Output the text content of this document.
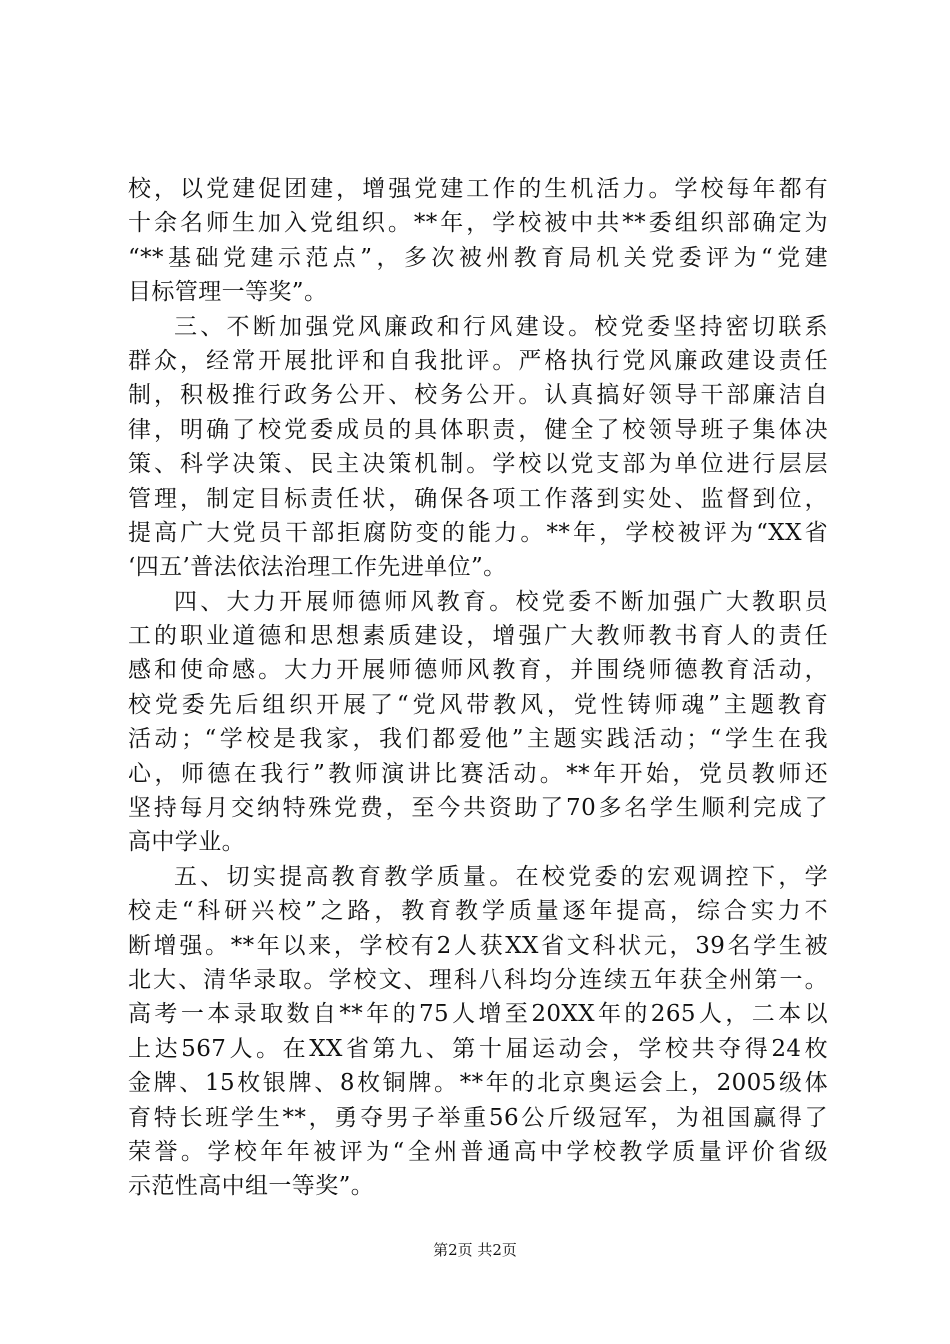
校，以党建促团建，增强党建工作的生机活力。学校每年都有
十余名师生加入党组织。**年，学校被中共**委组织部确定为
“**基础党建示范点”，多次被州教育局机关党委评为“党建
目标管理一等奖”。
三、不断加强党风廉政和行风建设。校党委坚持密切联系
群众，经常开展批评和自我批评。严格执行党风廉政建设责任
制，积极推行政务公开、校务公开。认真搞好领导干部廉洁自
律，明确了校党委成员的具体职责，健全了校领导班子集体决
策、科学决策、民主决策机制。学校以党支部为单位进行层层
管理，制定目标责任状，确保各项工作落到实处、监督到位，
提高广大党员干部拒腐防变的能力。**年，学校被评为“XX省
‘四五’普法依法治理工作先进单位”。
四、大力开展师德师风教育。校党委不断加强广大教职员
工的职业道德和思想素质建设，增强广大教师教书育人的责任
感和使命感。大力开展师德师风教育，并围绕师德教育活动，
校党委先后组织开展了“党风带教风，党性铸师魂”主题教育
活动；“学校是我家，我们都爱他”主题实践活动；“学生在我
心，师德在我行”教师演讲比赛活动。**年开始，党员教师还
坚持每月交纳特殊党费，至今共资助了70多名学生顺利完成了
高中学业。
五、切实提高教育教学质量。在校党委的宏观调控下，学
校走“科研兴校”之路，教育教学质量逐年提高，综合实力不
断增强。**年以来，学校有2人获XX省文科状元，39名学生被
北大、清华录取。学校文、理科八科均分连续五年获全州第一。
高考一本录取数自**年的75人增至20XX年的265人，二本以
上达567人。在XX省第九、第十届运动会，学校共夺得24枚
金牌、15枚银牌、8枚铜牌。**年的北京奥运会上，2005级体
育特长班学生**，勇夺男子举重56公斤级冠军，为祖国赢得了
荣誉。学校年年被评为“全州普通高中学校教学质量评价省级
示范性高中组一等奖”。
第2页 共2页
